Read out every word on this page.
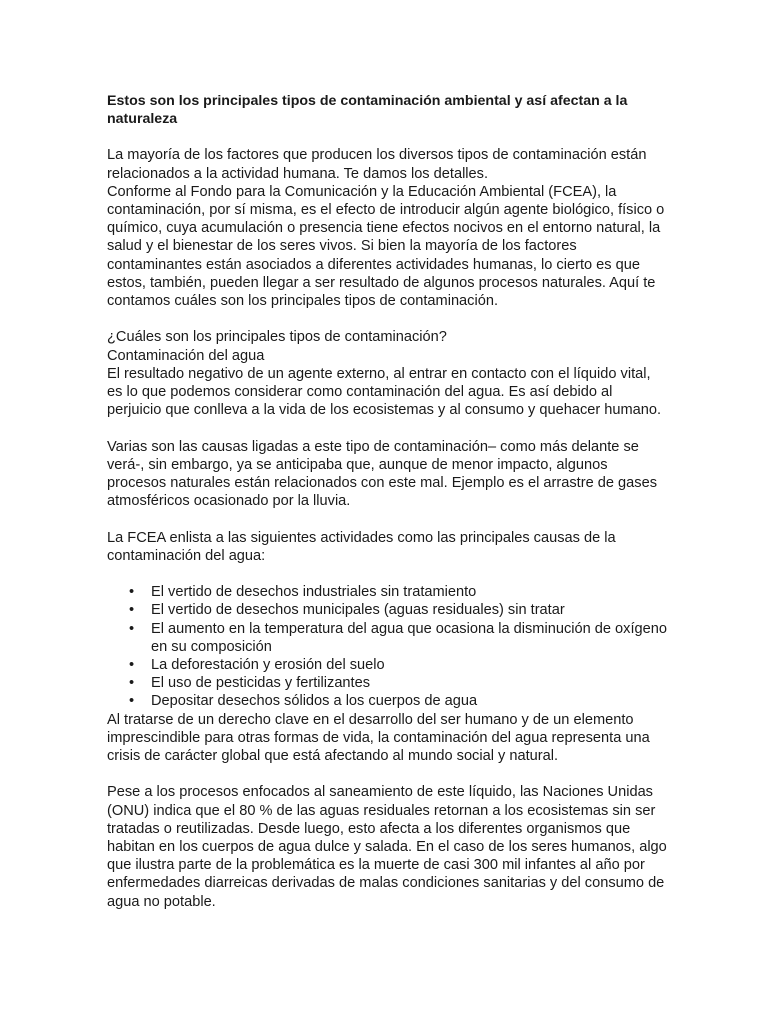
Estos son los principales tipos de contaminación ambiental y así afectan a la naturaleza

La mayoría de los factores que producen los diversos tipos de contaminación están relacionados a la actividad humana. Te damos los detalles.

Conforme al Fondo para la Comunicación y la Educación Ambiental (FCEA), la contaminación, por sí misma, es el efecto de introducir algún agente biológico, físico o químico, cuya acumulación o presencia tiene efectos nocivos en el entorno natural, la salud y el bienestar de los seres vivos. Si bien la mayoría de los factores contaminantes están asociados a diferentes actividades humanas, lo cierto es que estos, también, pueden llegar a ser resultado de algunos procesos naturales. Aquí te contamos cuáles son los principales tipos de contaminación.

¿Cuáles son los principales tipos de contaminación?

Contaminación del agua

El resultado negativo de un agente externo, al entrar en contacto con el líquido vital, es lo que podemos considerar como contaminación del agua. Es así debido al perjuicio que conlleva a la vida de los ecosistemas y al consumo y quehacer humano.

Varias son las causas ligadas a este tipo de contaminación– como más delante se verá-, sin embargo, ya se anticipaba que, aunque de menor impacto, algunos procesos naturales están relacionados con este mal. Ejemplo es el arrastre de gases atmosféricos ocasionado por la lluvia.

La FCEA enlista a las siguientes actividades como las principales causas de la contaminación del agua:

• El vertido de desechos industriales sin tratamiento
• El vertido de desechos municipales (aguas residuales) sin tratar
• El aumento en la temperatura del agua que ocasiona la disminución de oxígeno en su composición
• La deforestación y erosión del suelo
• El uso de pesticidas y fertilizantes
• Depositar desechos sólidos a los cuerpos de agua

Al tratarse de un derecho clave en el desarrollo del ser humano y de un elemento imprescindible para otras formas de vida, la contaminación del agua representa una crisis de carácter global que está afectando al mundo social y natural.

Pese a los procesos enfocados al saneamiento de este líquido, las Naciones Unidas (ONU) indica que el 80 % de las aguas residuales retornan a los ecosistemas sin ser tratadas o reutilizadas. Desde luego, esto afecta a los diferentes organismos que habitan en los cuerpos de agua dulce y salada. En el caso de los seres humanos, algo que ilustra parte de la problemática es la muerte de casi 300 mil infantes al año por enfermedades diarreicas derivadas de malas condiciones sanitarias y del consumo de agua no potable.
